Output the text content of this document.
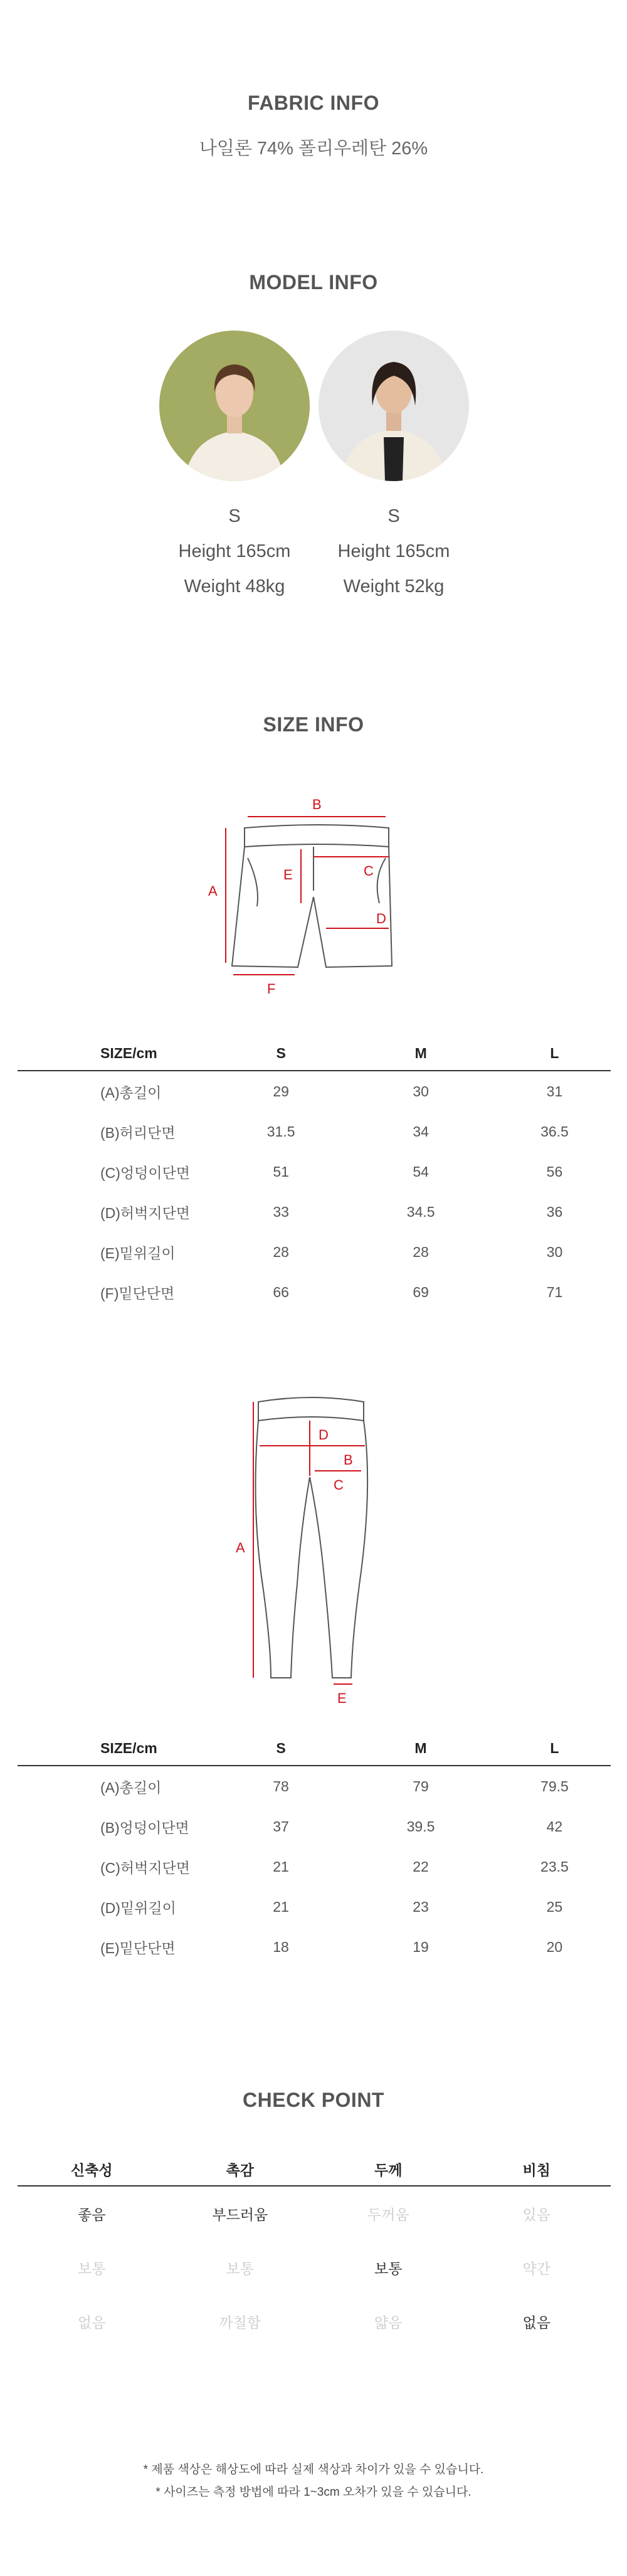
FABRIC INFO
나일론 74% 폴리우레탄 26%
MODEL INFO
S
Height 165cm
Weight 48kg
S
Height 165cm
Weight 52kg
SIZE INFO
B
A
E	C
D
F
SIZE/cm	S	M	L
(A)총길이	29	30	31
(B)허리단면	31.5	34	36.5
(C)엉덩이단면	51	54	56
(D)허벅지단면	33	34.5	36
(E)밑위길이	28	28	30
(F)밑단단면	66	69	71
A
B
C
D
E
SIZE/cm	S	M	L
(A)총길이	78	79	79.5
(B)엉덩이단면	37	39.5	42
(C)허벅지단면	21	22	23.5
(D)밑위길이	21	23	25
(E)밑단단면	18	19	20
CHECK POINT
신축성	촉감	두께	비침
좋음	부드러움	두꺼움	있음
보통	보통	보통	약간
없음	까칠함	얇음	없음
* 제품 색상은 해상도에 따라 실제 색상과 차이가 있을 수 있습니다.
* 사이즈는 측정 방법에 따라 1~3cm 오차가 있을 수 있습니다.
